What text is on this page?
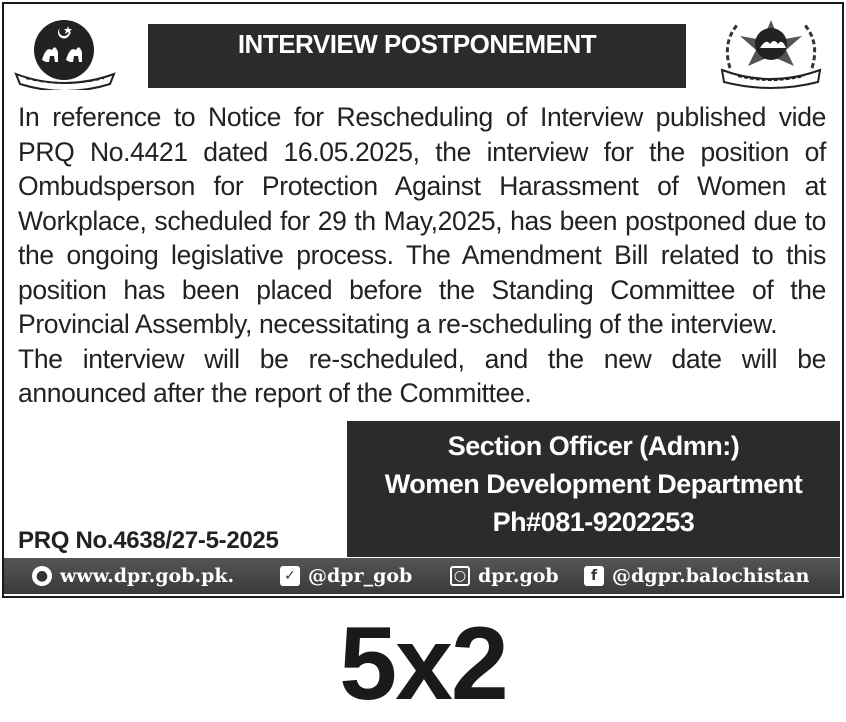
INTERVIEW POSTPONEMENT

In reference to Notice for Rescheduling of Interview published vide PRQ No.4421 dated 16.05.2025, the interview for the position of Ombudsperson for Protection Against Harassment of Women at Workplace, scheduled for 29 th May,2025, has been postponed due to the ongoing legislative process. The Amendment Bill related to this position has been placed before the Standing Committee of the Provincial Assembly, necessitating a re-scheduling of the interview.

The interview will be re-scheduled, and the new date will be announced after the report of the Committee.

Section Officer (Admn:)
Women Development Department
Ph#081-9202253
PRQ No.4638/27-5-2025
● www.dpr.gob.pk.	✓ @dpr_gob	○ dpr.gob	f @dgpr.balochistan
5x2
